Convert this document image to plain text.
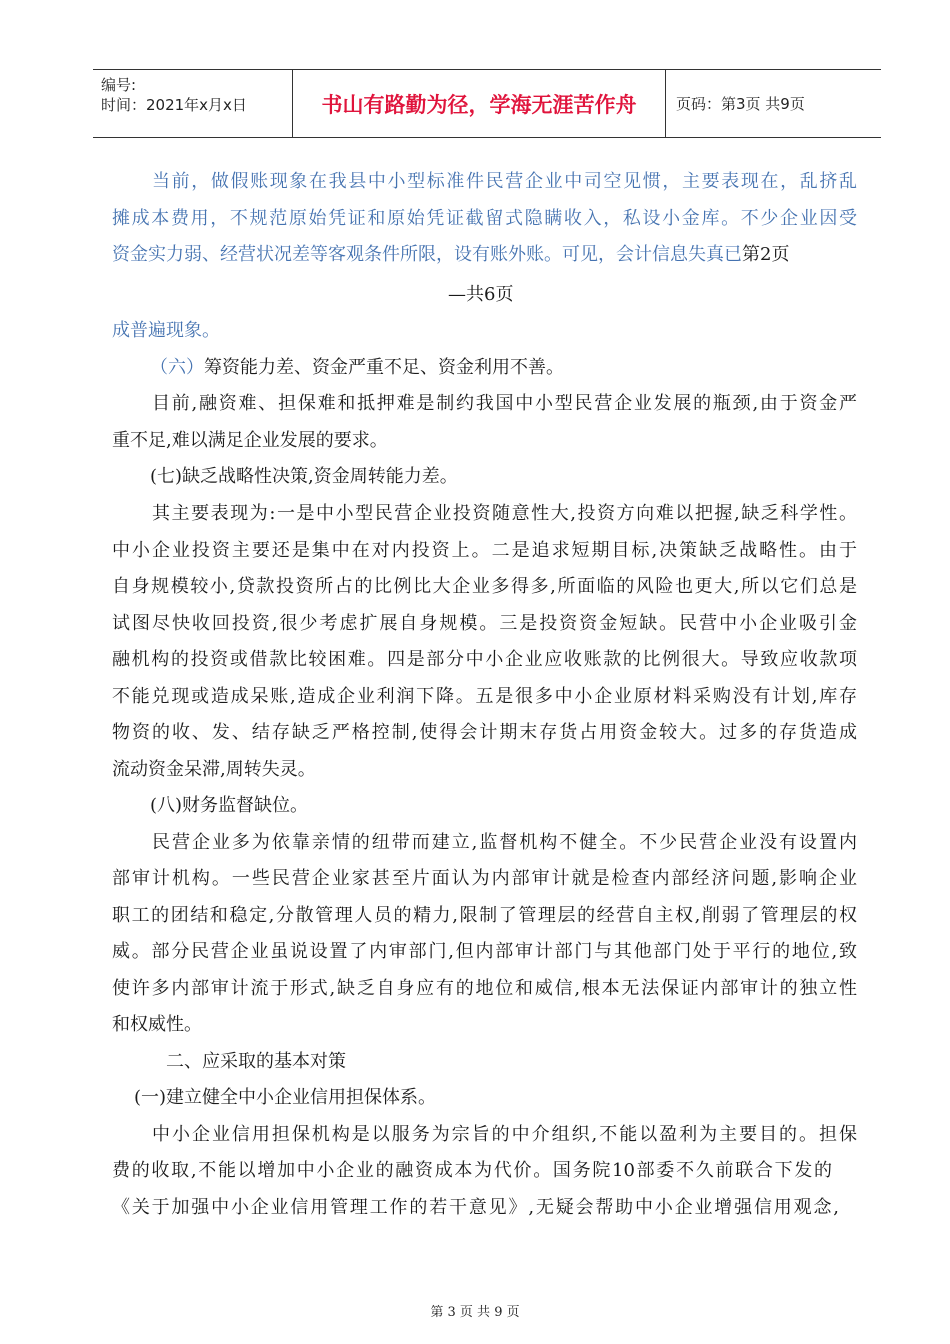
编号:
时间：2021年x月x日	书山有路勤为径，学海无涯苦作舟	页码：第3页 共9页
当前，做假账现象在我县中小型标准件民营企业中司空见惯，主要表现在，乱挤乱
摊成本费用，不规范原始凭证和原始凭证截留式隐瞒收入，私设小金库。不少企业因受
资金实力弱、经营状况差等客观条件所限，设有账外账。可见，会计信息失真已第2页
—共6页
成普遍现象。
（六）筹资能力差、资金严重不足、资金利用不善。
目前,融资难、担保难和抵押难是制约我国中小型民营企业发展的瓶颈,由于资金严
重不足,难以满足企业发展的要求。
(七)缺乏战略性决策,资金周转能力差。
其主要表现为:一是中小型民营企业投资随意性大,投资方向难以把握,缺乏科学性。
中小企业投资主要还是集中在对内投资上。二是追求短期目标,决策缺乏战略性。由于
自身规模较小,贷款投资所占的比例比大企业多得多,所面临的风险也更大,所以它们总是
试图尽快收回投资,很少考虑扩展自身规模。三是投资资金短缺。民营中小企业吸引金
融机构的投资或借款比较困难。四是部分中小企业应收账款的比例很大。导致应收款项
不能兑现或造成呆账,造成企业利润下降。五是很多中小企业原材料采购没有计划,库存
物资的收、发、结存缺乏严格控制,使得会计期末存货占用资金较大。过多的存货造成
流动资金呆滞,周转失灵。
(八)财务监督缺位。
民营企业多为依靠亲情的纽带而建立,监督机构不健全。不少民营企业没有设置内
部审计机构。一些民营企业家甚至片面认为内部审计就是检查内部经济问题,影响企业
职工的团结和稳定,分散管理人员的精力,限制了管理层的经营自主权,削弱了管理层的权
威。部分民营企业虽说设置了内审部门,但内部审计部门与其他部门处于平行的地位,致
使许多内部审计流于形式,缺乏自身应有的地位和威信,根本无法保证内部审计的独立性
和权威性。
二、应采取的基本对策
(一)建立健全中小企业信用担保体系。
中小企业信用担保机构是以服务为宗旨的中介组织,不能以盈利为主要目的。担保
费的收取,不能以增加中小企业的融资成本为代价。国务院10部委不久前联合下发的
《关于加强中小企业信用管理工作的若干意见》,无疑会帮助中小企业增强信用观念,
第 3 页 共 9 页
